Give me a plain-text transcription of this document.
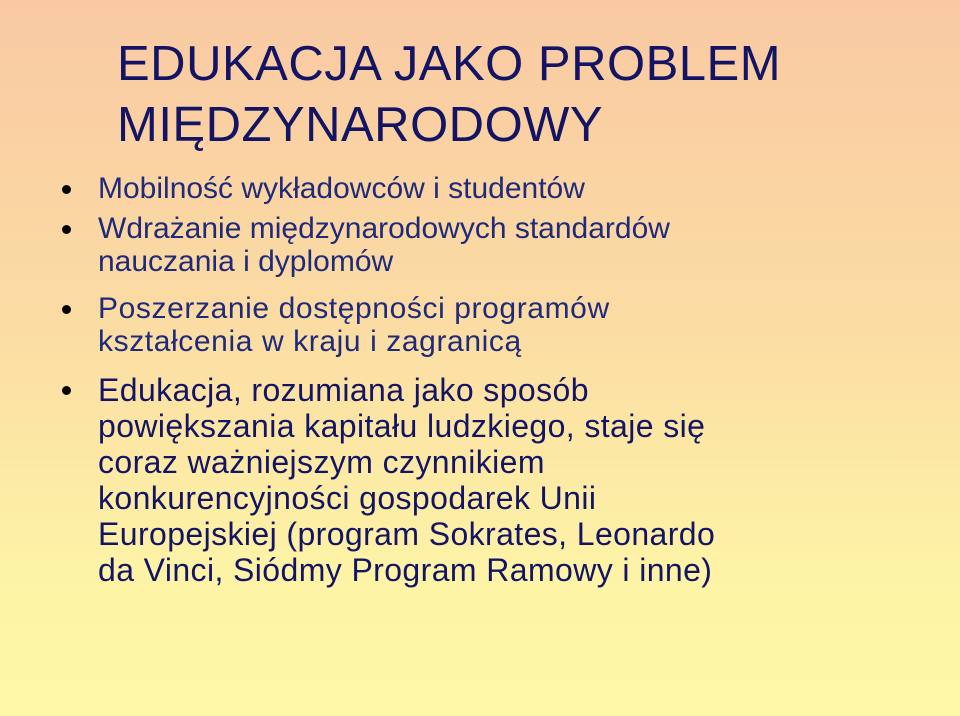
EDUKACJA JAKO PROBLEM
MIĘDZYNARODOWY
Mobilność wykładowców i studentów
Wdrażanie międzynarodowych standardów
nauczania i dyplomów
Poszerzanie dostępności programów
kształcenia w kraju i zagranicą
Edukacja, rozumiana jako sposób
powiększania kapitału ludzkiego, staje się
coraz ważniejszym czynnikiem
konkurencyjności gospodarek Unii
Europejskiej (program Sokrates, Leonardo
da Vinci, Siódmy Program Ramowy i inne)
